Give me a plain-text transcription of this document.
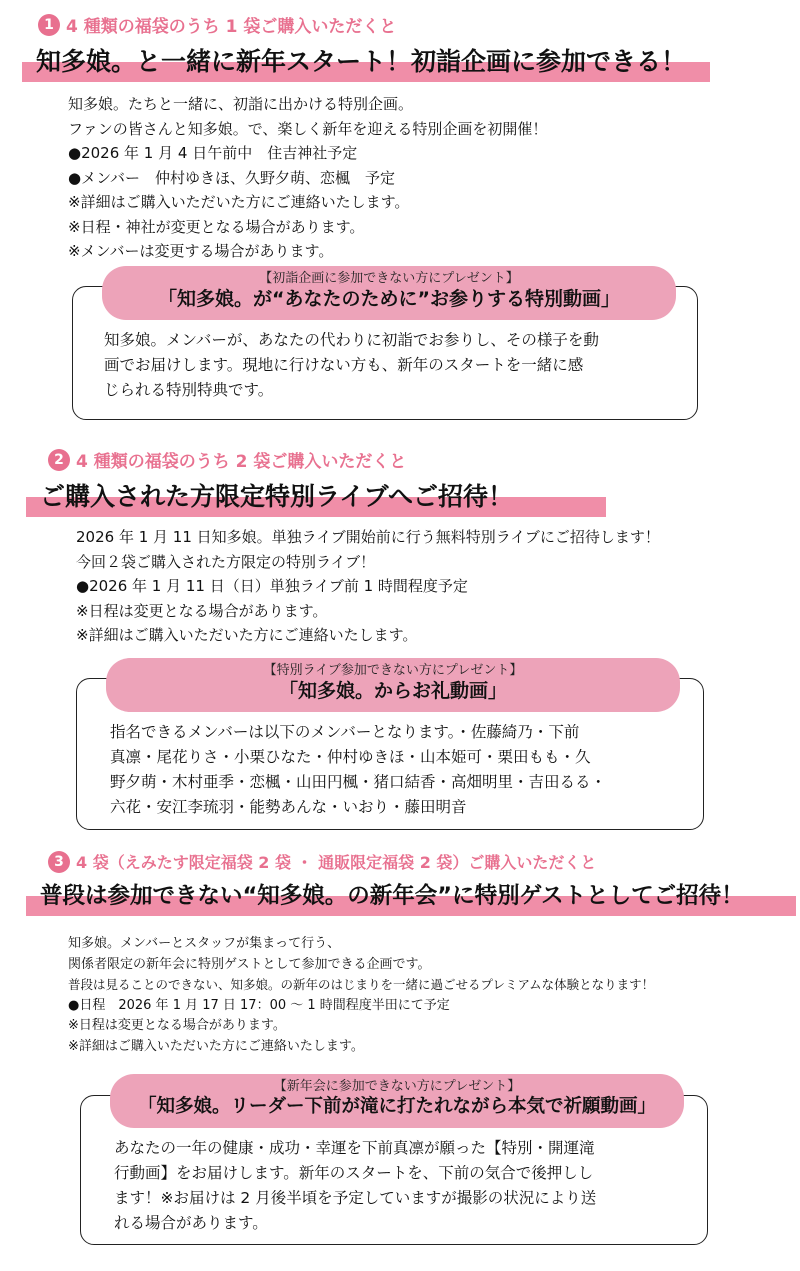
1 4 種類の福袋のうち 1 袋ご購入いただくと
知多娘。と一緒に新年スタート！初詣企画に参加できる！
知多娘。たちと一緒に、初詣に出かける特別企画。
ファンの皆さんと知多娘。で、楽しく新年を迎える特別企画を初開催！
●2026 年 1 月 4 日午前中　住吉神社予定
●メンバー　仲村ゆきほ、久野夕萌、恋楓　予定
※詳細はご購入いただいた方にご連絡いたします。
※日程・神社が変更となる場合があります。
※メンバーは変更する場合があります。
【初詣企画に参加できない方にプレゼント】
「知多娘。が“あなたのために”お参りする特別動画」
知多娘。メンバーが、あなたの代わりに初詣でお参りし、その様子を動
画でお届けします。現地に行けない方も、新年のスタートを一緒に感
じられる特別特典です。
2 4 種類の福袋のうち 2 袋ご購入いただくと
ご購入された方限定特別ライブへご招待！
2026 年 1 月 11 日知多娘。単独ライブ開始前に行う無料特別ライブにご招待します！
今回２袋ご購入された方限定の特別ライブ！
●2026 年 1 月 11 日（日）単独ライブ前 1 時間程度予定
※日程は変更となる場合があります。
※詳細はご購入いただいた方にご連絡いたします。
【特別ライブ参加できない方にプレゼント】
「知多娘。からお礼動画」
指名できるメンバーは以下のメンバーとなります。・佐藤綺乃・下前
真凛・尾花りさ・小栗ひなた・仲村ゆきほ・山本姫可・栗田もも・久
野夕萌・木村亜季・恋楓・山田円楓・猪口結香・高畑明里・吉田るる・
六花・安江李琉羽・能勢あんな・いおり・藤田明音
3 4 袋（えみたす限定福袋 2 袋 ・ 通販限定福袋 2 袋）ご購入いただくと
普段は参加できない“知多娘。の新年会”に特別ゲストとしてご招待！
知多娘。メンバーとスタッフが集まって行う、
関係者限定の新年会に特別ゲストとして参加できる企画です。
普段は見ることのできない、知多娘。の新年のはじまりを一緒に過ごせるプレミアムな体験となります！
●日程　2026 年 1 月 17 日 17：00 〜 1 時間程度半田にて予定
※日程は変更となる場合があります。
※詳細はご購入いただいた方にご連絡いたします。
【新年会に参加できない方にプレゼント】
「知多娘。リーダー下前が滝に打たれながら本気で祈願動画」
あなたの一年の健康・成功・幸運を下前真凛が願った【特別・開運滝
行動画】をお届けします。新年のスタートを、下前の気合で後押しし
ます！※お届けは 2 月後半頃を予定していますが撮影の状況により送
れる場合があります。
